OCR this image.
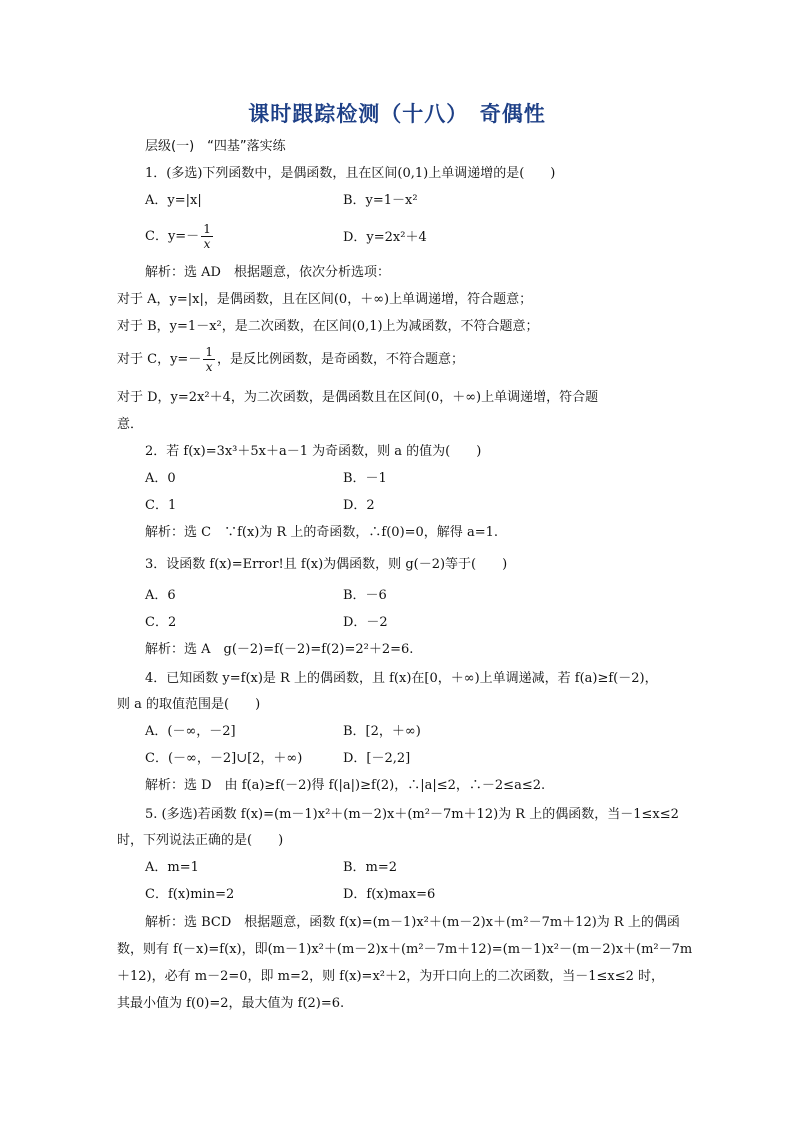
课时跟踪检测（十八）　奇偶性
层级(一)　“四基”落实练
1．(多选)下列函数中，是偶函数，且在区间(0,1)上单调递增的是(　　)
A．y=|x|	B．y=1－x²
C．$y=- \frac{1}{x}$	D．y=2x²＋4
解析：选 AD　根据题意，依次分析选项：
对于 A，y=|x|，是偶函数，且在区间(0，＋∞)上单调递增，符合题意；
对于 B，y=1－x²，是二次函数，在区间(0,1)上为减函数，不符合题意；
对于 C，$y=- \frac{1}{x}$ ，是反比例函数，是奇函数，不符合题意；
对于 D，y=2x²＋4，为二次函数，是偶函数且在区间(0，＋∞)上单调递增，符合题
意．
2．若 f(x)=3x³＋5x＋a－1 为奇函数，则 a 的值为(　　)
A．0	B．－1
C．1	D．2
解析：选 C　∵f(x)为 R 上的奇函数，∴f(0)=0，解得 a=1.
3．设函数 f(x)=Error!且 f(x)为偶函数，则 g(－2)等于(　　)
A．6	B．－6
C．2	D．－2
解析：选 A　g(－2)=f(－2)=f(2)=2²＋2=6.
4．已知函数 y=f(x)是 R 上的偶函数，且 f(x)在[0，＋∞)上单调递减，若 f(a)≥f(－2)，
则 a 的取值范围是(　　)
A．(－∞，－2]	B．[2，＋∞)
C．(－∞，－2]∪[2，＋∞)	D．[－2,2]
解析：选 D　由 f(a)≥f(－2)得 f(|a|)≥f(2)，∴|a|≤2，∴－2≤a≤2.
5. (多选)若函数 f(x)=(m－1)x²＋(m－2)x＋(m²－7m＋12)为 R 上的偶函数，当－1≤x≤2
时，下列说法正确的是(　　)
A．m=1	B．m=2
C．f(x)min=2	D．f(x)max=6
解析：选 BCD　根据题意，函数 f(x)=(m－1)x²＋(m－2)x＋(m²－7m＋12)为 R 上的偶函
数，则有 f(－x)=f(x)，即(m－1)x²＋(m－2)x＋(m²－7m＋12)=(m－1)x²－(m－2)x＋(m²－7m
＋12)，必有 m－2=0，即 m=2，则 f(x)=x²＋2，为开口向上的二次函数，当－1≤x≤2 时，
其最小值为 f(0)=2，最大值为 f(2)=6.
